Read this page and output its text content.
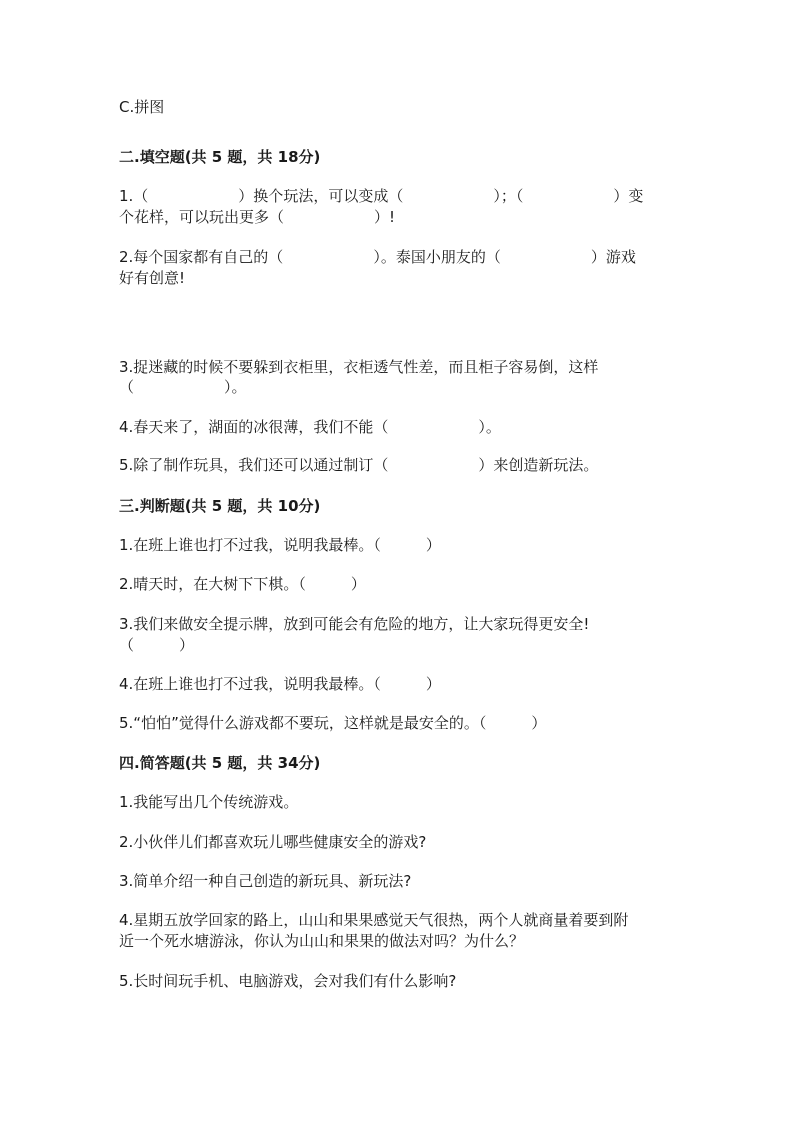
C.拼图
二.填空题(共 5 题，共 18分)
1.（　　　　　　）换个玩法，可以变成（　　　　　　）；（　　　　　　）变
个花样，可以玩出更多（　　　　　　）!
2.每个国家都有自己的（　　　　　　）。泰国小朋友的（　　　　　　）游戏
好有创意!
3.捉迷藏的时候不要躲到衣柜里，衣柜透气性差，而且柜子容易倒，这样
（　　　　　　）。
4.春天来了，湖面的冰很薄，我们不能（　　　　　　）。
5.除了制作玩具，我们还可以通过制订（　　　　　　）来创造新玩法。
三.判断题(共 5 题，共 10分)
1.在班上谁也打不过我，说明我最棒。（　　　）
2.晴天时，在大树下下棋。（　　　）
3.我们来做安全提示牌，放到可能会有危险的地方，让大家玩得更安全!
（　　　）
4.在班上谁也打不过我，说明我最棒。（　　　）
5.“怕怕”觉得什么游戏都不要玩，这样就是最安全的。（　　　）
四.简答题(共 5 题，共 34分)
1.我能写出几个传统游戏。
2.小伙伴儿们都喜欢玩儿哪些健康安全的游戏?
3.简单介绍一种自己创造的新玩具、新玩法?
4.星期五放学回家的路上，山山和果果感觉天气很热，两个人就商量着要到附
近一个死水塘游泳，你认为山山和果果的做法对吗？为什么？
5.长时间玩手机、电脑游戏，会对我们有什么影响?
